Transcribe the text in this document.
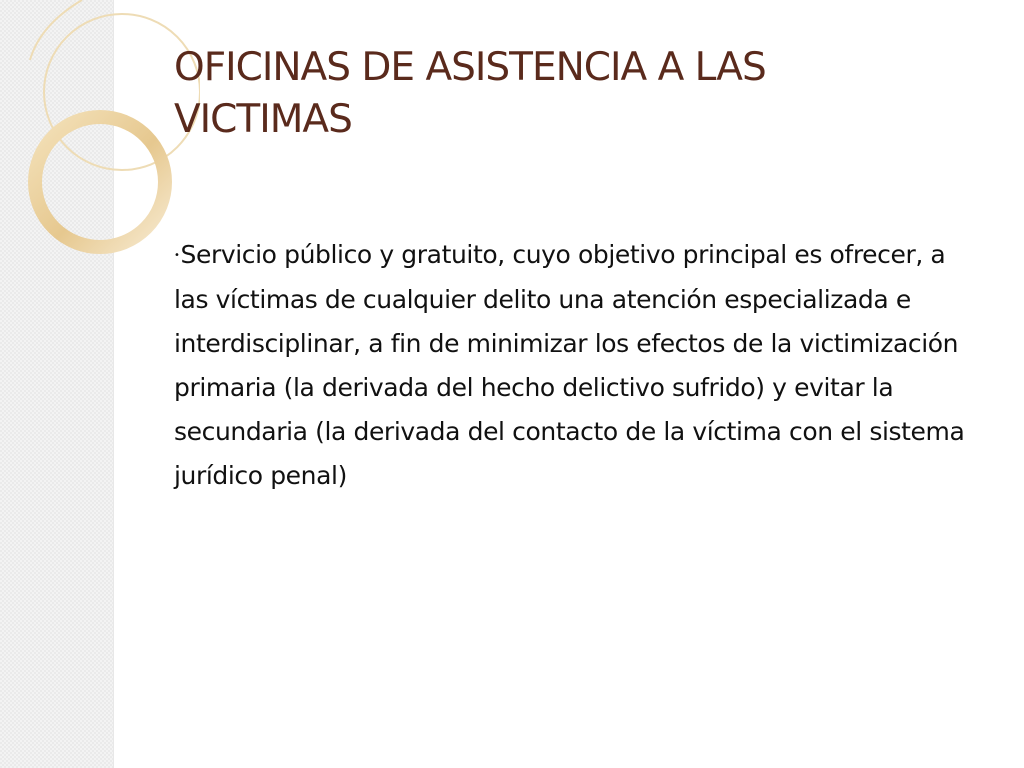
OFICINAS DE ASISTENCIA A LAS
VICTIMAS

•Servicio público y gratuito, cuyo objetivo principal es ofrecer, a las víctimas de cualquier delito una atención especializada e interdisciplinar, a fin de minimizar los efectos de la victimización primaria (la derivada del hecho delictivo sufrido) y evitar la secundaria (la derivada del contacto de la víctima con el sistema jurídico penal)
